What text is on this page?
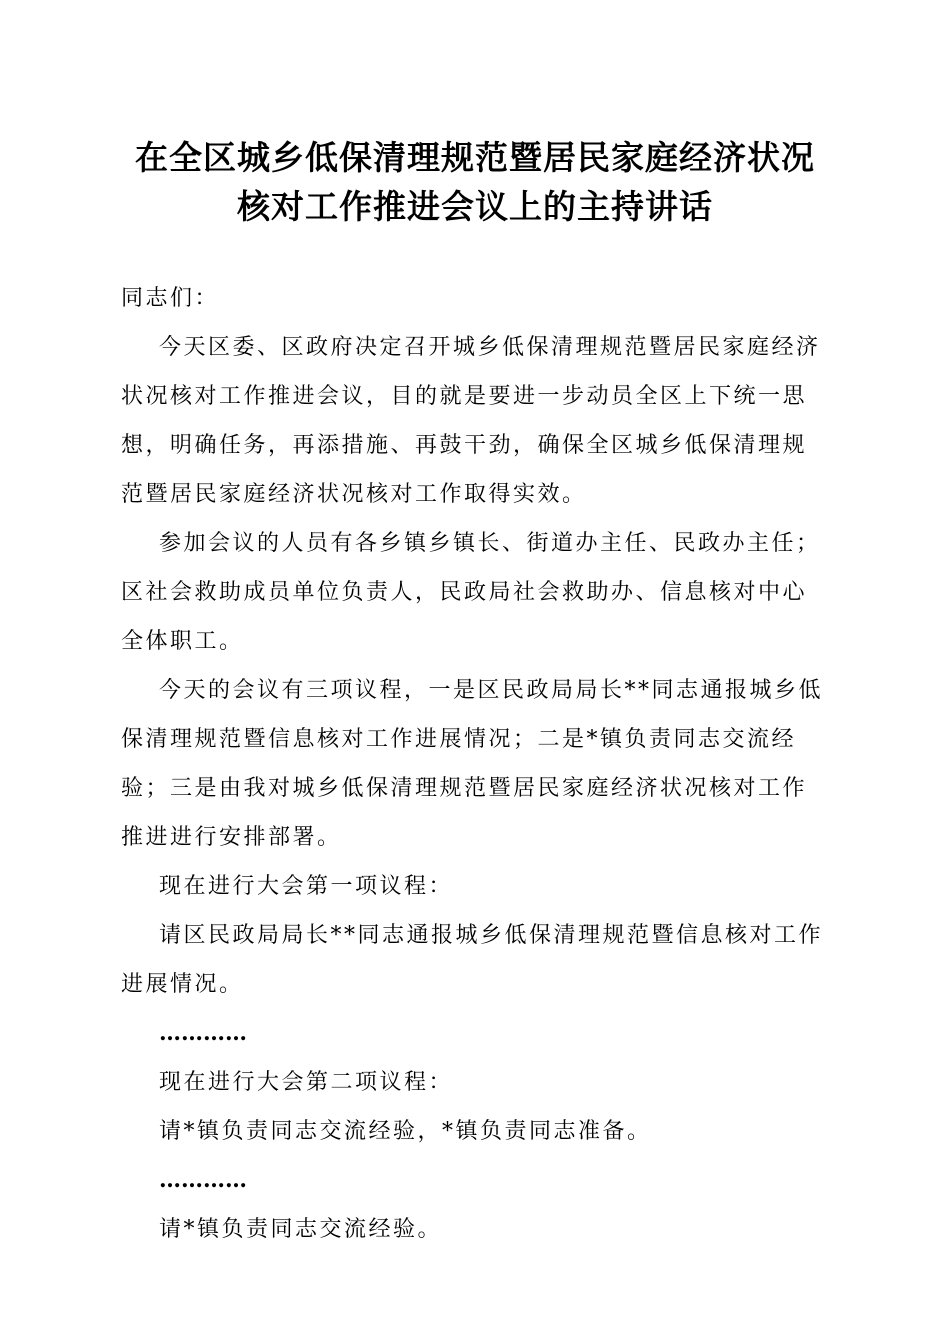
在全区城乡低保清理规范暨居民家庭经济状况
核对工作推进会议上的主持讲话

同志们：

今天区委、区政府决定召开城乡低保清理规范暨居民家庭经济状况核对工作推进会议，目的就是要进一步动员全区上下统一思想，明确任务，再添措施、再鼓干劲，确保全区城乡低保清理规范暨居民家庭经济状况核对工作取得实效。

参加会议的人员有各乡镇乡镇长、街道办主任、民政办主任；区社会救助成员单位负责人，民政局社会救助办、信息核对中心全体职工。

今天的会议有三项议程，一是区民政局局长**同志通报城乡低保清理规范暨信息核对工作进展情况；二是*镇负责同志交流经验；三是由我对城乡低保清理规范暨居民家庭经济状况核对工作推进进行安排部署。

现在进行大会第一项议程：

请区民政局局长**同志通报城乡低保清理规范暨信息核对工作进展情况。

…………

现在进行大会第二项议程：

请*镇负责同志交流经验，*镇负责同志准备。

…………

请*镇负责同志交流经验。
